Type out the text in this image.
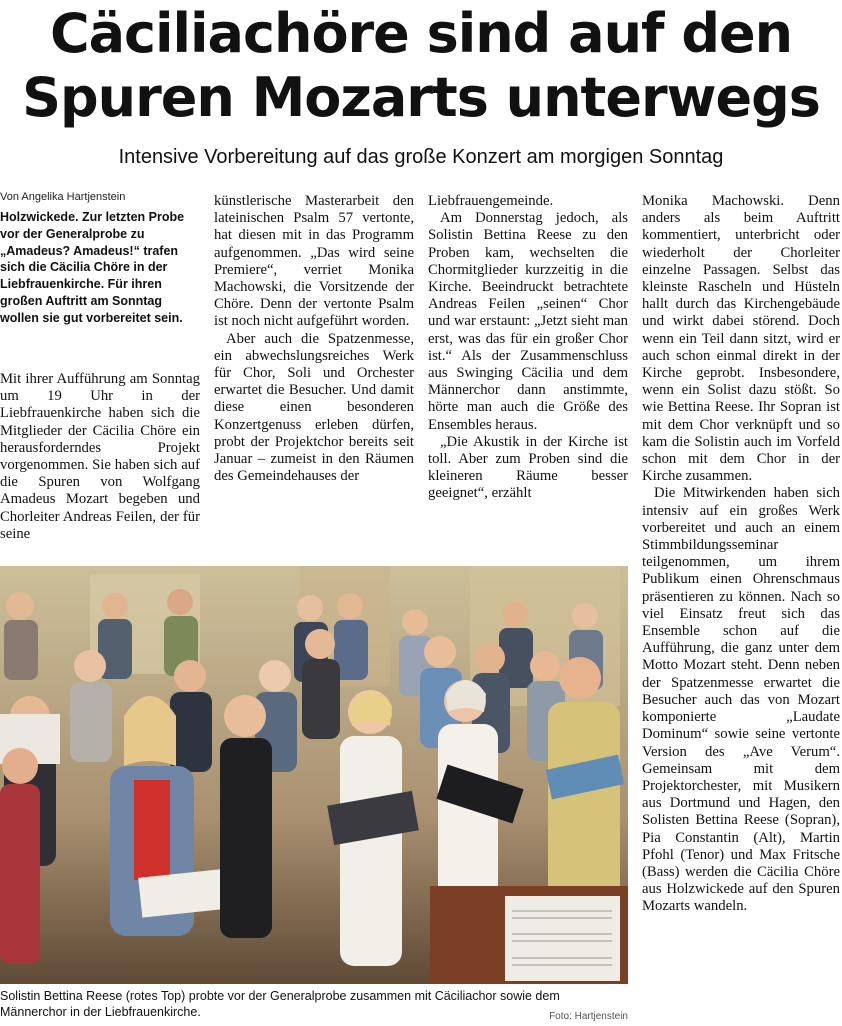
Cäciliachöre sind auf den
Spuren Mozarts unterwegs

Intensive Vorbereitung auf das große Konzert am morgigen Sonntag

Von Angelika Hartjenstein

Holzwickede. Zur letzten Probe vor der Generalprobe zu „Amadeus? Amadeus!“ trafen sich die Cäcilia Chöre in der Liebfrauenkirche. Für ihren großen Auftritt am Sonntag wollen sie gut vorbereitet sein.

Mit ihrer Aufführung am Sonntag um 19 Uhr in der Liebfrauenkirche haben sich die Mitglieder der Cäcilia Chöre ein herausforderndes Projekt vorgenommen. Sie haben sich auf die Spuren von Wolfgang Amadeus Mozart begeben und Chorleiter Andreas Feilen, der für seine

künstlerische Masterarbeit den lateinischen Psalm 57 vertonte, hat diesen mit in das Programm aufgenommen. „Das wird seine Premiere“, verriet Monika Machowski, die Vorsitzende der Chöre. Denn der vertonte Psalm ist noch nicht aufgeführt worden.

Aber auch die Spatzenmesse, ein abwechslungsreiches Werk für Chor, Soli und Orchester erwartet die Besucher. Und damit diese einen besonderen Konzertgenuss erleben dürfen, probt der Projektchor bereits seit Januar – zumeist in den Räumen des Gemeindehauses der

Liebfrauengemeinde.

Am Donnerstag jedoch, als Solistin Bettina Reese zu den Proben kam, wechselten die Chormitglieder kurzzeitig in die Kirche. Beeindruckt betrachtete Andreas Feilen „seinen“ Chor und war erstaunt: „Jetzt sieht man erst, was das für ein großer Chor ist.“ Als der Zusammenschluss aus Swinging Cäcilia und dem Männerchor dann anstimmte, hörte man auch die Größe des Ensembles heraus.

„Die Akustik in der Kirche ist toll. Aber zum Proben sind die kleineren Räume besser geeignet“, erzählt

Monika Machowski. Denn anders als beim Auftritt kommentiert, unterbricht oder wiederholt der Chorleiter einzelne Passagen. Selbst das kleinste Rascheln und Hüsteln hallt durch das Kirchengebäude und wirkt dabei störend. Doch wenn ein Teil dann sitzt, wird er auch schon einmal direkt in der Kirche geprobt. Insbesondere, wenn ein Solist dazu stößt. So wie Bettina Reese. Ihr Sopran ist mit dem Chor verknüpft und so kam die Solistin auch im Vorfeld schon mit dem Chor in der Kirche zusammen.

Die Mitwirkenden haben sich intensiv auf ein großes Werk vorbereitet und auch an einem Stimmbildungsseminar teilgenommen, um ihrem Publikum einen Ohrenschmaus präsentieren zu können. Nach so viel Einsatz freut sich das Ensemble schon auf die Aufführung, die ganz unter dem Motto Mozart steht. Denn neben der Spatzenmesse erwartet die Besucher auch das von Mozart komponierte „Laudate Dominum“ sowie seine vertonte Version des „Ave Verum“. Gemeinsam mit dem Projektorchester, mit Musikern aus Dortmund und Hagen, den Solisten Bettina Reese (Sopran), Pia Constantin (Alt), Martin Pfohl (Tenor) und Max Fritsche (Bass) werden die Cäcilia Chöre aus Holzwickede auf den Spuren Mozarts wandeln.

Solistin Bettina Reese (rotes Top) probte vor der Generalprobe zusammen mit Cäciliachor sowie dem Männerchor in der Liebfrauenkirche.	Foto: Hartjenstein
